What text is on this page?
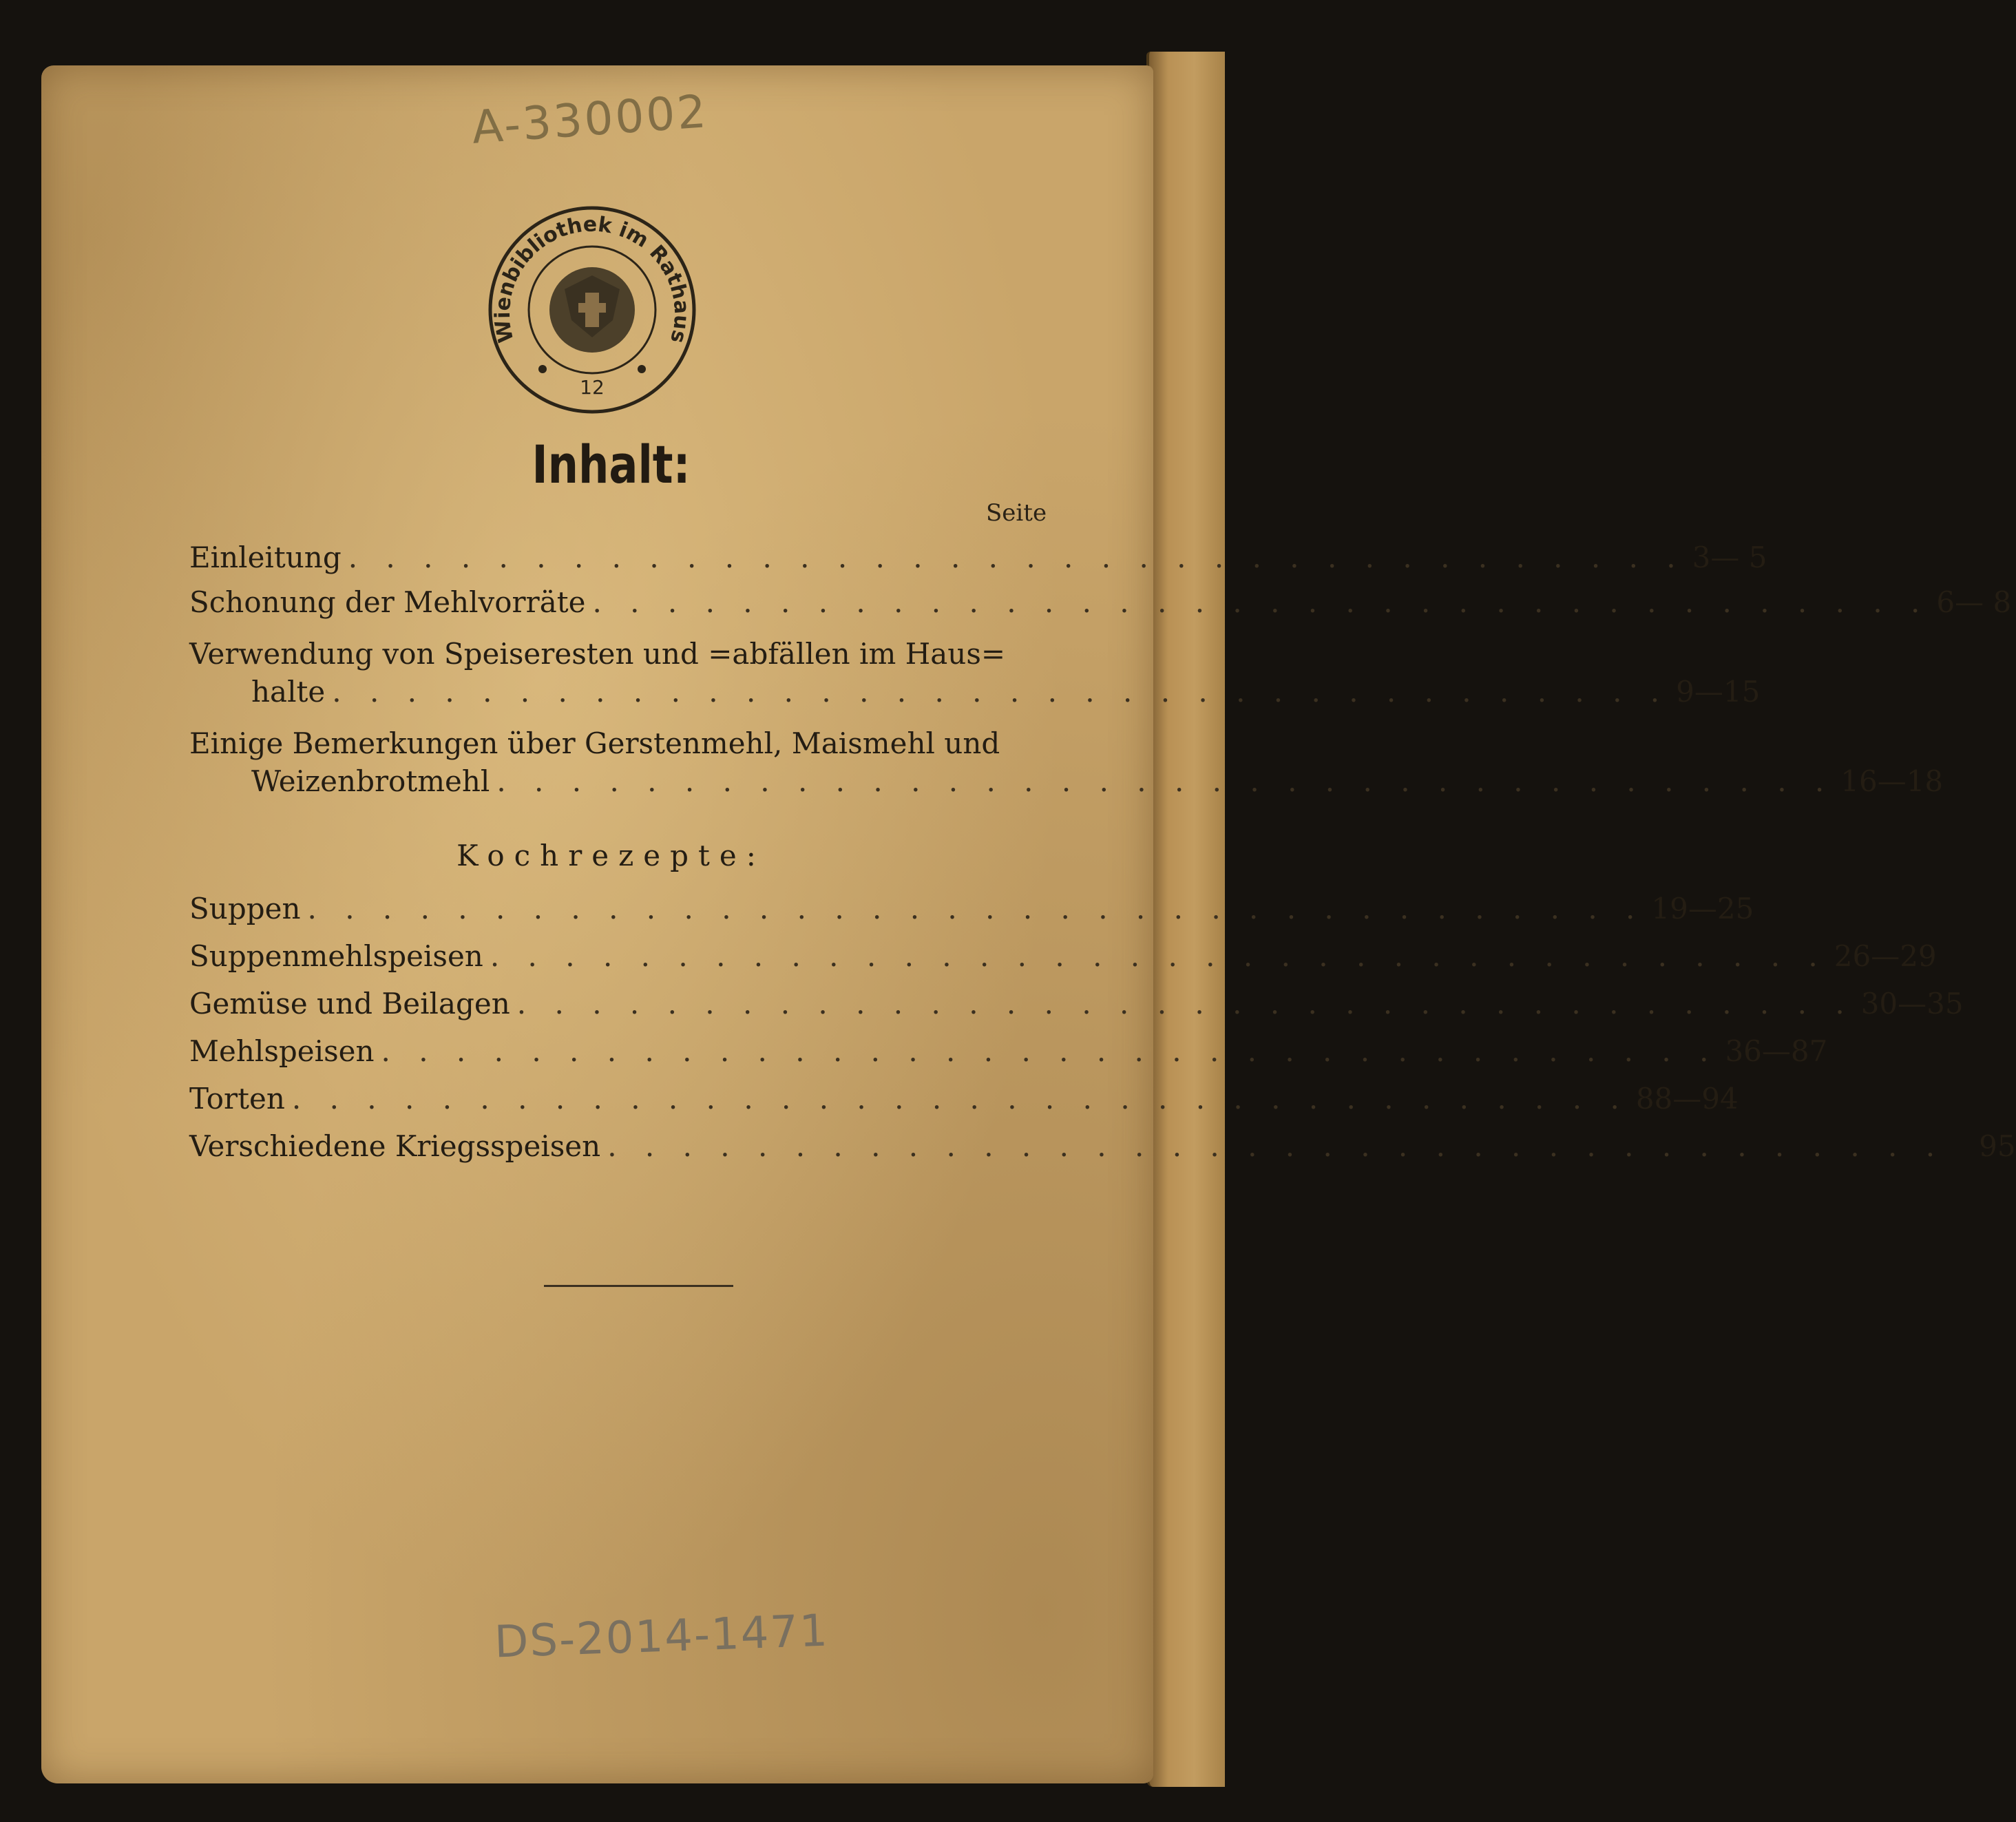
A-330002
Wienbibliothek im Rathaus
12
Inhalt:
Seite
Einleitung . . . . . . . . . . . . . . . . . . . . . . . . . . . . . . . . . . . . 3— 5
Schonung der Mehlvorräte . . . . . . . . . . . . . . . . . . . . . . . . . . . . . . . . . . . . 6— 8
Verwendung von Speiseresten und =abfällen im Haus=
halte . . . . . . . . . . . . . . . . . . . . . . . . . . . . . . . . . . . . 9—15
Einige Bemerkungen über Gerstenmehl, Maismehl und
Weizenbrotmehl . . . . . . . . . . . . . . . . . . . . . . . . . . . . . . . . . . . . 16—18
Kochrezepte:
Suppen . . . . . . . . . . . . . . . . . . . . . . . . . . . . . . . . . . . . 19—25
Suppenmehlspeisen . . . . . . . . . . . . . . . . . . . . . . . . . . . . . . . . . . . . 26—29
Gemüse und Beilagen . . . . . . . . . . . . . . . . . . . . . . . . . . . . . . . . . . . . 30—35
Mehlspeisen . . . . . . . . . . . . . . . . . . . . . . . . . . . . . . . . . . . . 36—87
Torten . . . . . . . . . . . . . . . . . . . . . . . . . . . . . . . . . . . . 88—94
Verschiedene Kriegsspeisen . . . . . . . . . . . . . . . . . . . . . . . . . . . . . . . . . . . .	95
DS-2014-1471
